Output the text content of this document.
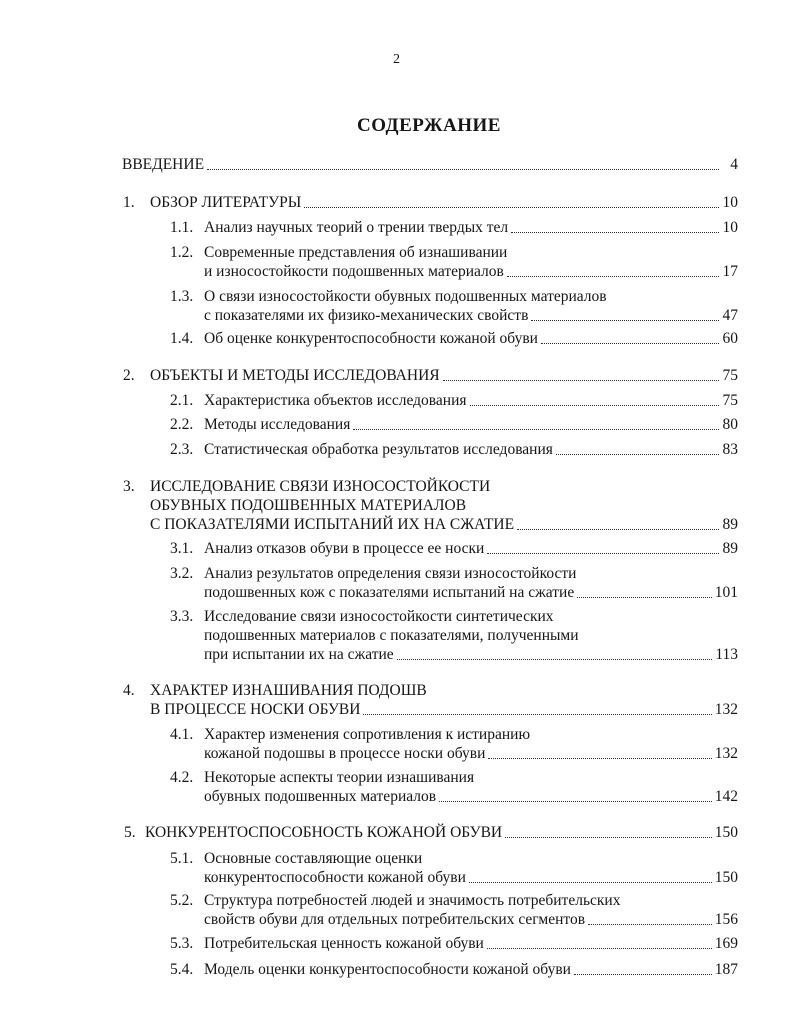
2
СОДЕРЖАНИЕ
ВВЕДЕНИЕ	4
1. ОБЗОР ЛИТЕРАТУРЫ	10
1.1. Анализ научных теорий о трении твердых тел	10
1.2. Современные представления об изнашивании
и износостойкости подошвенных материалов	17
1.3. О связи износостойкости обувных подошвенных материалов
с показателями их физико-механических свойств	47
1.4. Об оценке конкурентоспособности кожаной обуви	60
2. ОБЪЕКТЫ И МЕТОДЫ ИССЛЕДОВАНИЯ	75
2.1. Характеристика объектов исследования	75
2.2. Методы исследования	80
2.3. Статистическая обработка результатов исследования	83
3. ИССЛЕДОВАНИЕ СВЯЗИ ИЗНОСОСТОЙКОСТИ
ОБУВНЫХ ПОДОШВЕННЫХ МАТЕРИАЛОВ
С ПОКАЗАТЕЛЯМИ ИСПЫТАНИЙ ИХ НА СЖАТИЕ	89
3.1. Анализ отказов обуви в процессе ее носки	89
3.2. Анализ результатов определения связи износостойкости
подошвенных кож с показателями испытаний на сжатие	101
3.3. Исследование связи износостойкости синтетических
подошвенных материалов с показателями, полученными
при испытании их на сжатие	113
4. ХАРАКТЕР ИЗНАШИВАНИЯ ПОДОШВ
В ПРОЦЕССЕ НОСКИ ОБУВИ	132
4.1. Характер изменения сопротивления к истиранию
кожаной подошвы в процессе носки обуви	132
4.2. Некоторые аспекты теории изнашивания
обувных подошвенных материалов	142
5. КОНКУРЕНТОСПОСОБНОСТЬ КОЖАНОЙ ОБУВИ	150
5.1. Основные составляющие оценки
конкурентоспособности кожаной обуви	150
5.2. Структура потребностей людей и значимость потребительских
свойств обуви для отдельных потребительских сегментов	156
5.3. Потребительская ценность кожаной обуви	169
5.4. Модель оценки конкурентоспособности кожаной обуви	187
